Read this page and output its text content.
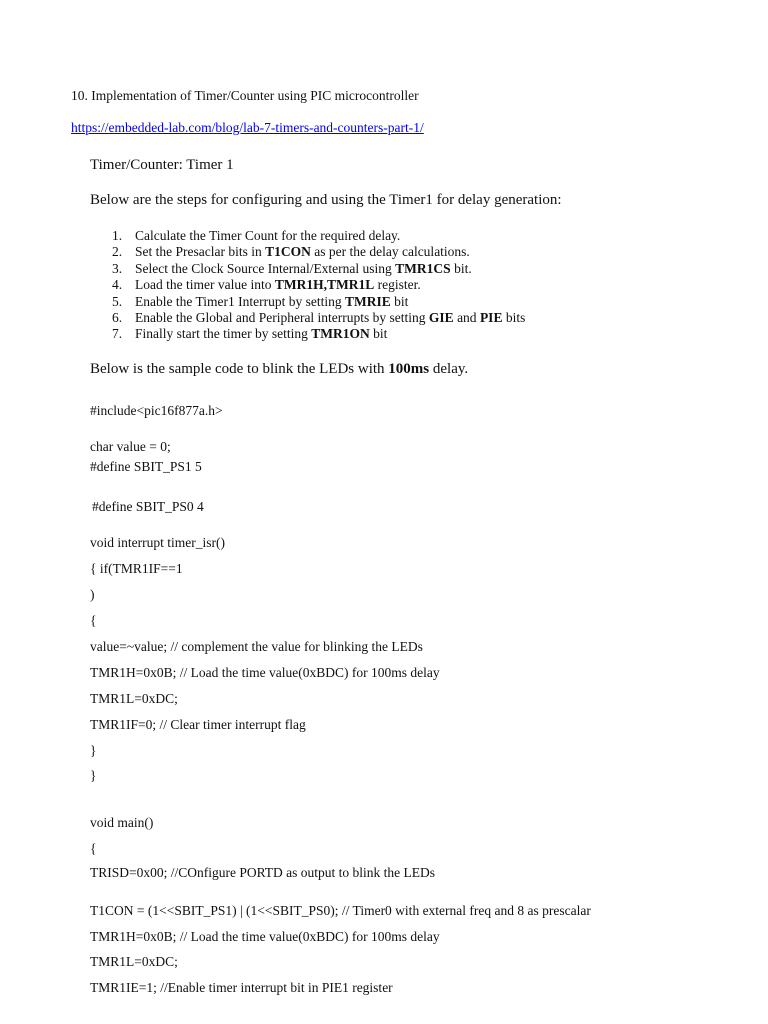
10. Implementation of Timer/Counter using PIC microcontroller
https://embedded-lab.com/blog/lab-7-timers-and-counters-part-1/
Timer/Counter: Timer 1
Below are the steps for configuring and using the Timer1 for delay generation:
1. Calculate the Timer Count for the required delay.
2. Set the Presaclar bits in T1CON as per the delay calculations.
3. Select the Clock Source Internal/External using TMR1CS bit.
4. Load the timer value into TMR1H,TMR1L register.
5. Enable the Timer1 Interrupt by setting TMRIE bit
6. Enable the Global and Peripheral interrupts by setting GIE and PIE bits
7. Finally start the timer by setting TMR1ON bit
Below is the sample code to blink the LEDs with 100ms delay.
#include<pic16f877a.h>
char value = 0;
#define SBIT_PS1 5
#define SBIT_PS0 4
void interrupt timer_isr()
{ if(TMR1IF==1
)
{
value=~value; // complement the value for blinking the LEDs
TMR1H=0x0B; // Load the time value(0xBDC) for 100ms delay
TMR1L=0xDC;
TMR1IF=0; // Clear timer interrupt flag
}
}
void main()
{
TRISD=0x00; //COnfigure PORTD as output to blink the LEDs
T1CON = (1<<SBIT_PS1) | (1<<SBIT_PS0); // Timer0 with external freq and 8 as prescalar
TMR1H=0x0B; // Load the time value(0xBDC) for 100ms delay
TMR1L=0xDC;
TMR1IE=1; //Enable timer interrupt bit in PIE1 register
